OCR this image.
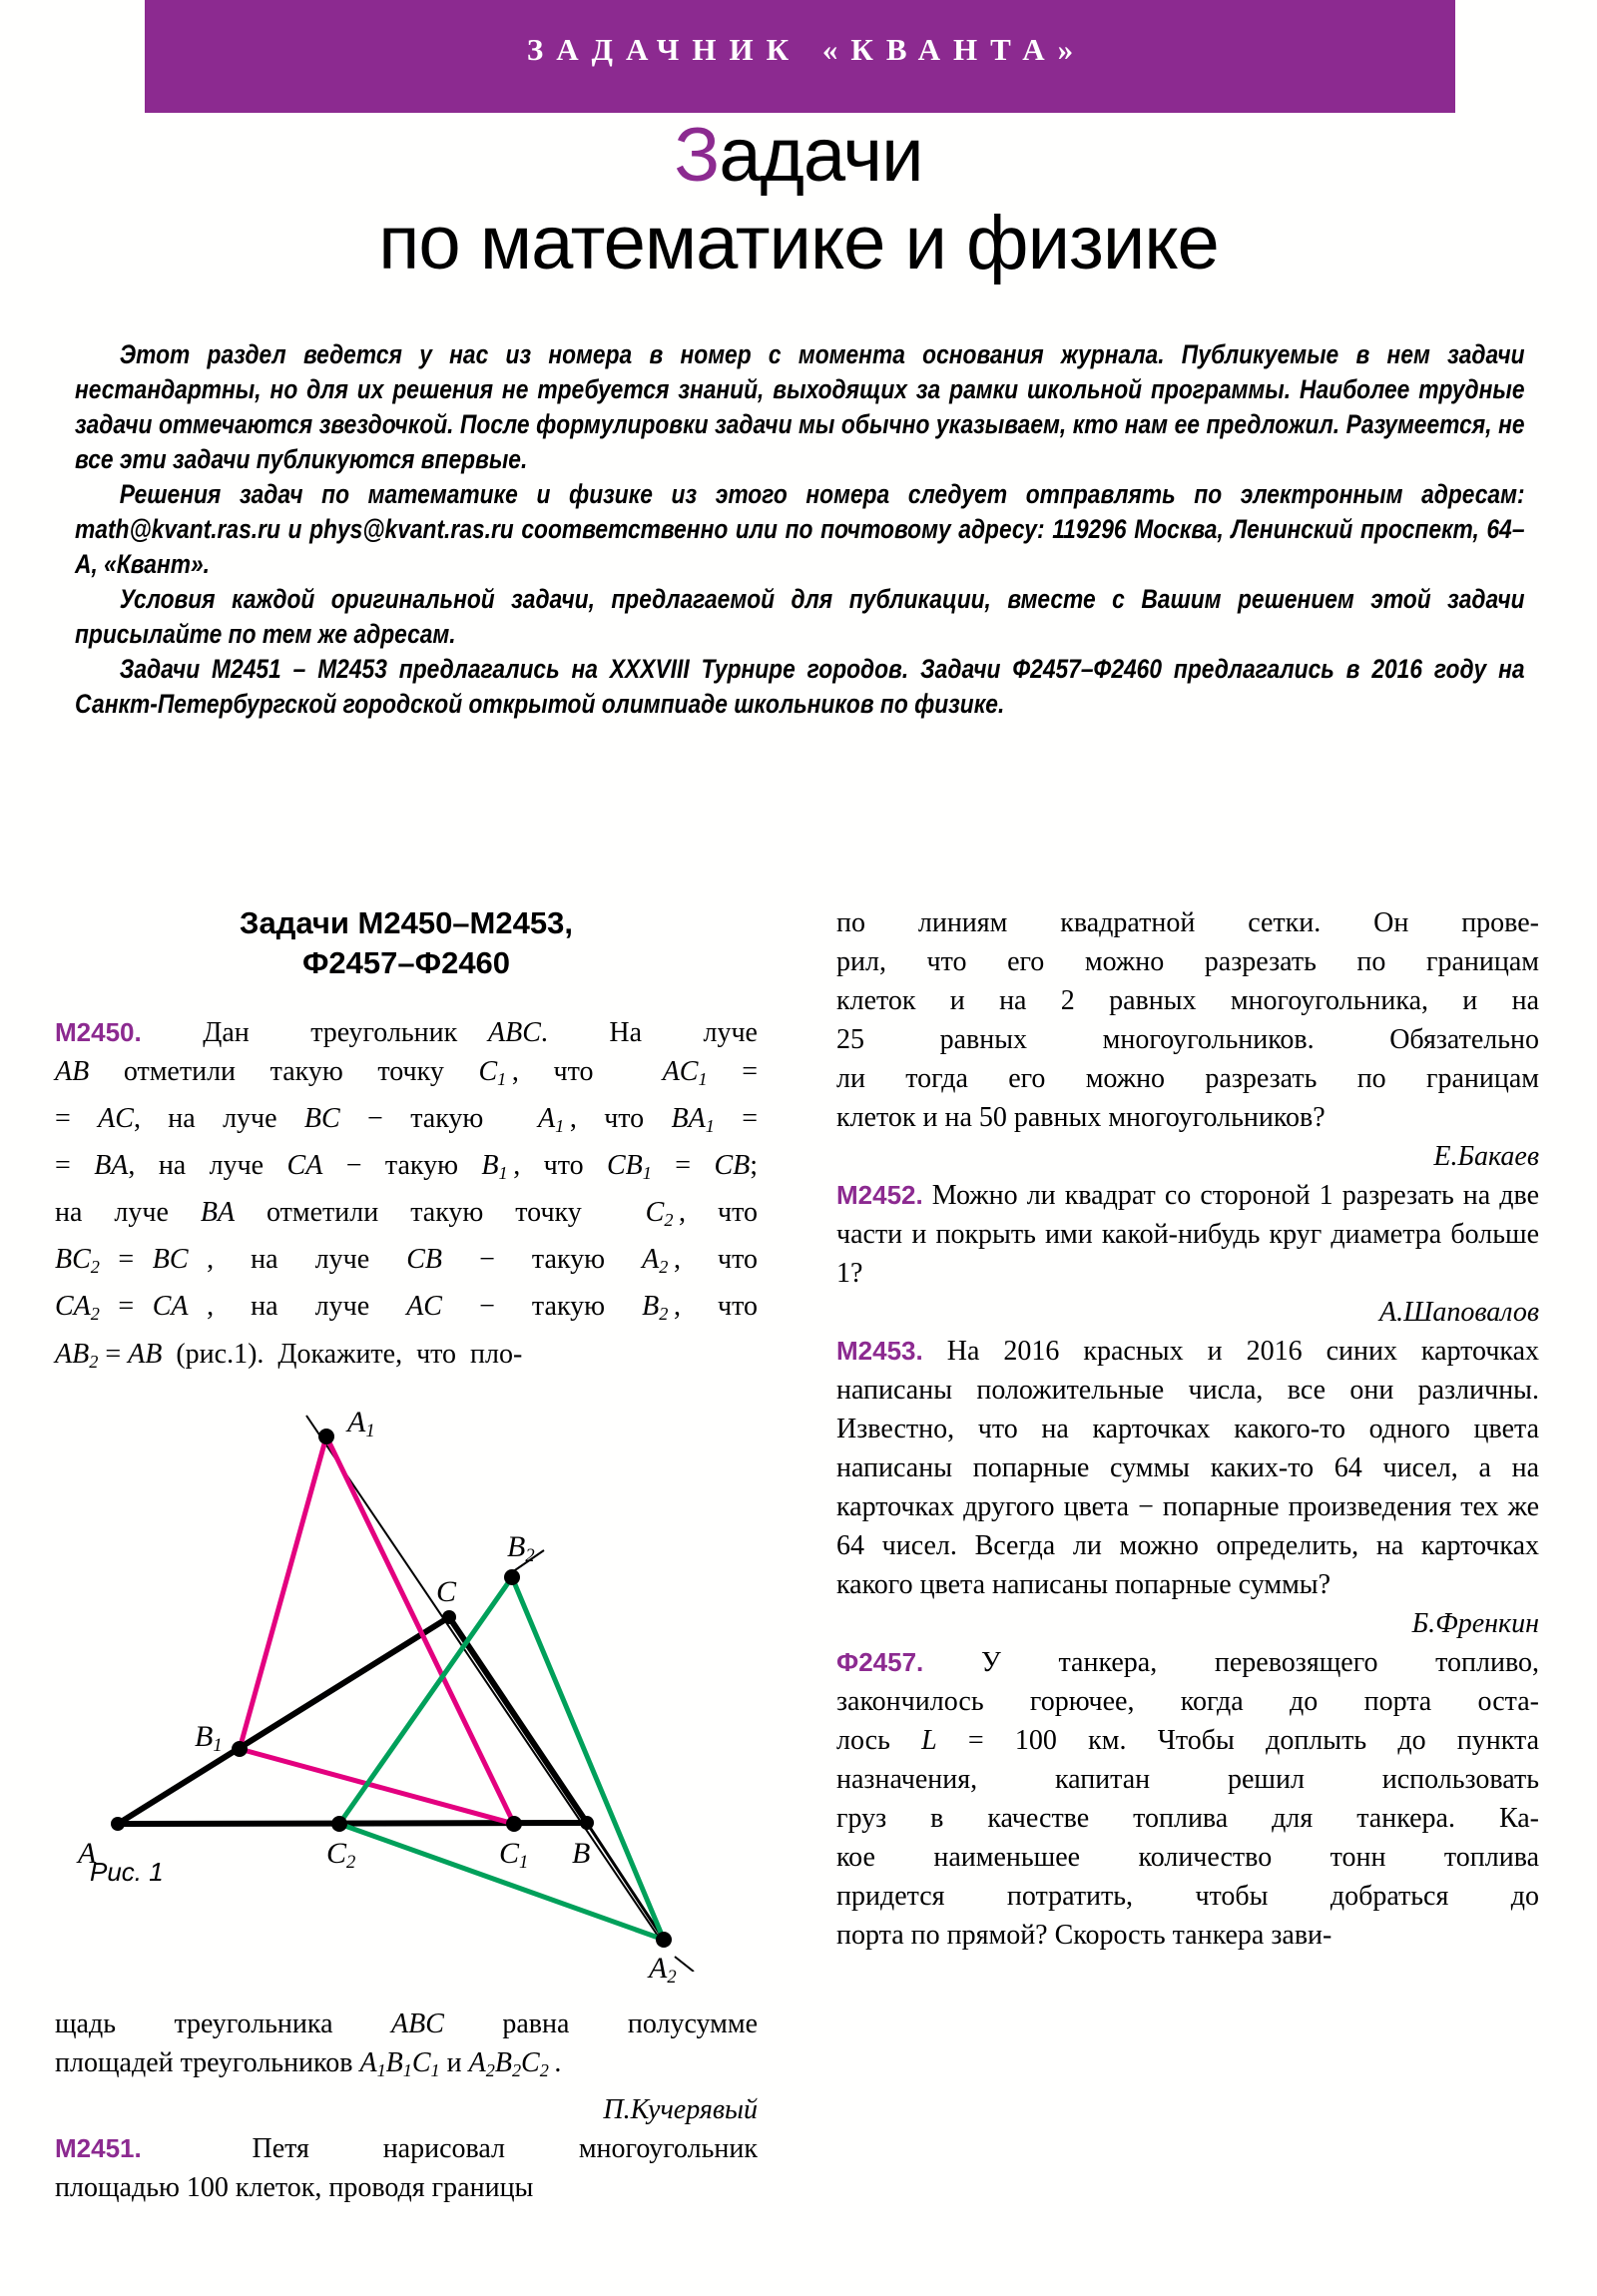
ЗАДАЧНИК «КВАНТА»
Задачи
по математике и физике

Этот раздел ведется у нас из номера в номер с момента основания журнала. Публикуемые в нем задачи нестандартны, но для их решения не требуется знаний, выходящих за рамки школьной программы. Наиболее трудные задачи отмечаются звездочкой. После формулировки задачи мы обычно указываем, кто нам ее предложил. Разумеется, не все эти задачи публикуются впервые.

Решения задач по математике и физике из этого номера следует отправлять по электронным адресам: math@kvant.ras.ru и phys@kvant.ras.ru соответственно или по почтовому адресу: 119296 Москва, Ленинский проспект, 64–А, «Квант».

Условия каждой оригинальной задачи, предлагаемой для публикации, вместе с Вашим решением этой задачи присылайте по тем же адресам.

Задачи М2451 – М2453 предлагались на XXXVIII Турнире городов. Задачи Ф2457–Ф2460 предлагались в 2016 году на Санкт-Петербургской городской открытой олимпиаде школьников по физике.

Задачи М2450–М2453,
Ф2457–Ф2460

M2450.  Дан  треугольник ABC.  На  луче AB отметили такую точку $C_1$ , что  $AC_1$ = = AC, на луче BC − такую  $A_1$ , что $BA_1$ = = BA, на луче CA − такую $B_1$ , что $CB_1$ = CB; на луче BA отметили такую точку  $C_2$ , что $BC_2$ = BC ,  на  луче  CB  −  такую  $A_2$ ,  что $CA_2$ = CA ,  на  луче  AC  −  такую  $B_2$ ,  что $AB_2$ = AB  (рис.1).  Докажите,  что  пло-

A	$C_2$	$C_1$ B
$A_1$
$B_1$
$B_2$
C
$A_2$
Рис. 1

щадь треугольника ABC равна полусумме площадей треугольников $A_1B_1C_1$ и $A_2B_2C_2$ .

П.Кучерявый

M2451.   Петя  нарисовал  многоугольник площадью 100 клеток, проводя границы

по линиям квадратной сетки. Он прове- рил, что его можно разрезать по границам клеток и на 2 равных многоугольника, и на 25 равных многоугольников. Обязательно ли тогда его можно разрезать по границам клеток и на 50 равных многоугольников?

Е.Бакаев

M2452. Можно ли квадрат со стороной 1 разрезать на две части и покрыть ими какой-нибудь круг диаметра больше 1?

А.Шаповалов

M2453. На 2016 красных и 2016 синих карточках написаны положительные числа, все они различны. Известно, что на карточках какого-то одного цвета написаны попарные суммы каких-то 64 чисел, а на карточках другого цвета − попарные произведения тех же 64 чисел. Всегда ли можно определить, на карточках какого цвета написаны попарные суммы?

Б.Френкин

Ф2457. У танкера, перевозящего топливо, закончилось горючее, когда до порта оста- лось L = 100 км. Чтобы доплыть до пункта назначения, капитан решил использовать груз в качестве топлива для танкера. Ка- кое наименьшее количество тонн топлива придется потратить, чтобы добраться до порта по прямой? Скорость танкера зави-
